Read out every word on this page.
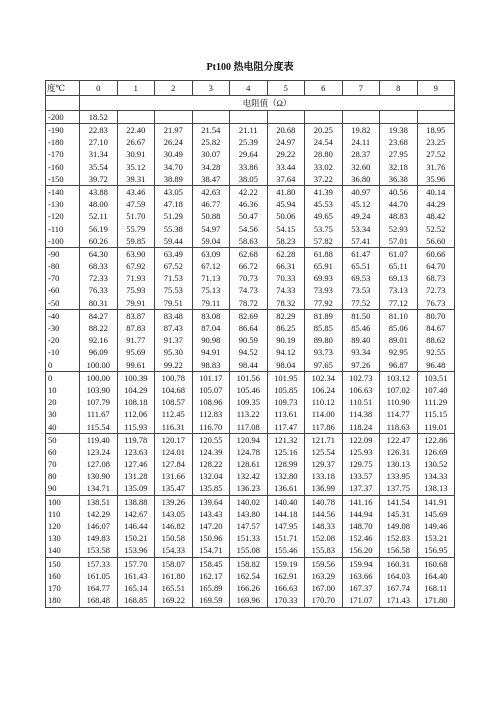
Pt100 热电阻分度表
度℃	0	1	2	3	4	5	6	7	8	9
	电阻值（Ω）									
-200	18.52									
-190	22.83	22.40	21.97	21.54	21.11	20.68	20.25	19.82	19.38	18.95
-180	27.10	26.67	26.24	25.82	25.39	24.97	24.54	24.11	23.68	23.25
-170	31.34	30.91	30.49	30.07	29.64	29.22	28.80	28.37	27.95	27.52
-160	35.54	35.12	34.70	34.28	33.86	33.44	33.02	32.60	32.18	31.76
-150	39.72	39.31	38.89	38.47	38.05	37.64	37.22	36.80	36.38	35.96
-140	43.88	43.46	43.05	42.63	42.22	41.80	41.39	40.97	40.56	40.14
-130	48.00	47.59	47.18	46.77	46.36	45.94	45.53	45.12	44.70	44.29
-120	52.11	51.70	51.29	50.88	50.47	50.06	49.65	49.24	48.83	48.42
-110	56.19	55.79	55.38	54.97	54.56	54.15	53.75	53.34	52.93	52.52
-100	60.26	59.85	59.44	59.04	58.63	58.23	57.82	57.41	57.01	56.60
-90	64.30	63.90	63.49	63.09	62.68	62.28	61.88	61.47	61.07	60.66
-80	68.33	67.92	67.52	67.12	66.72	66.31	65.91	65.51	65.11	64.70
-70	72.33	71.93	71.53	71.13	70.73	70.33	69.93	69.53	69.13	68.73
-60	76.33	75.93	75.53	75.13	74.73	74.33	73.93	73.53	73.13	72.73
-50	80.31	79.91	79.51	79.11	78.72	78.32	77.92	77.52	77.12	76.73
-40	84.27	83.87	83.48	83.08	82.69	82.29	81.89	81.50	81.10	80.70
-30	88.22	87.83	87.43	87.04	86.64	86.25	85.85	85.46	85.06	84.67
-20	92.16	91.77	91.37	90.98	90.59	90.19	89.80	89.40	89.01	88.62
-10	96.09	95.69	95.30	94.91	94.52	94.12	93.73	93.34	92.95	92.55
0	100.00	99.61	99.22	98.83	98.44	98.04	97.65	97.26	96.87	96.48
0	100.00	100.39	100.78	101.17	101.56	101.95	102.34	102.73	103.12	103.51
10	103.90	104.29	104.68	105.07	105.46	105.85	106.24	106.63	107.02	107.40
20	107.79	108.18	108.57	108.96	109.35	109.73	110.12	110.51	110.90	111.29
30	111.67	112.06	112.45	112.83	113.22	113.61	114.00	114.38	114.77	115.15
40	115.54	115.93	116.31	116.70	117.08	117.47	117.86	118.24	118.63	119.01
50	119.40	119.78	120.17	120.55	120.94	121.32	121.71	122.09	122.47	122.86
60	123.24	123.63	124.01	124.39	124.78	125.16	125.54	125.93	126.31	126.69
70	127.08	127.46	127.84	128.22	128.61	128.99	129.37	129.75	130.13	130.52
80	130.90	131.28	131.66	132.04	132.42	132.80	133.18	133.57	133.95	134.33
90	134.71	135.09	135.47	135.85	136.23	136.61	136.99	137.37	137.75	138.13
100	138.51	138.88	139.26	139.64	140.02	140.40	140.78	141.16	141.54	141.91
110	142.29	142.67	143.05	143.43	143.80	144.18	144.56	144.94	145.31	145.69
120	146.07	146.44	146.82	147.20	147.57	147.95	148.33	148.70	149.08	149.46
130	149.83	150.21	150.58	150.96	151.33	151.71	152.08	152.46	152.83	153.21
140	153.58	153.96	154.33	154.71	155.08	155.46	155.83	156.20	156.58	156.95
150	157.33	157.70	158.07	158.45	158.82	159.19	159.56	159.94	160.31	160.68
160	161.05	161.43	161.80	162.17	162.54	162.91	163.29	163.66	164.03	164.40
170	164.77	165.14	165.51	165.89	166.26	166.63	167.00	167.37	167.74	168.11
180	168.48	168.85	169.22	169.59	169.96	170.33	170.70	171.07	171.43	171.80
